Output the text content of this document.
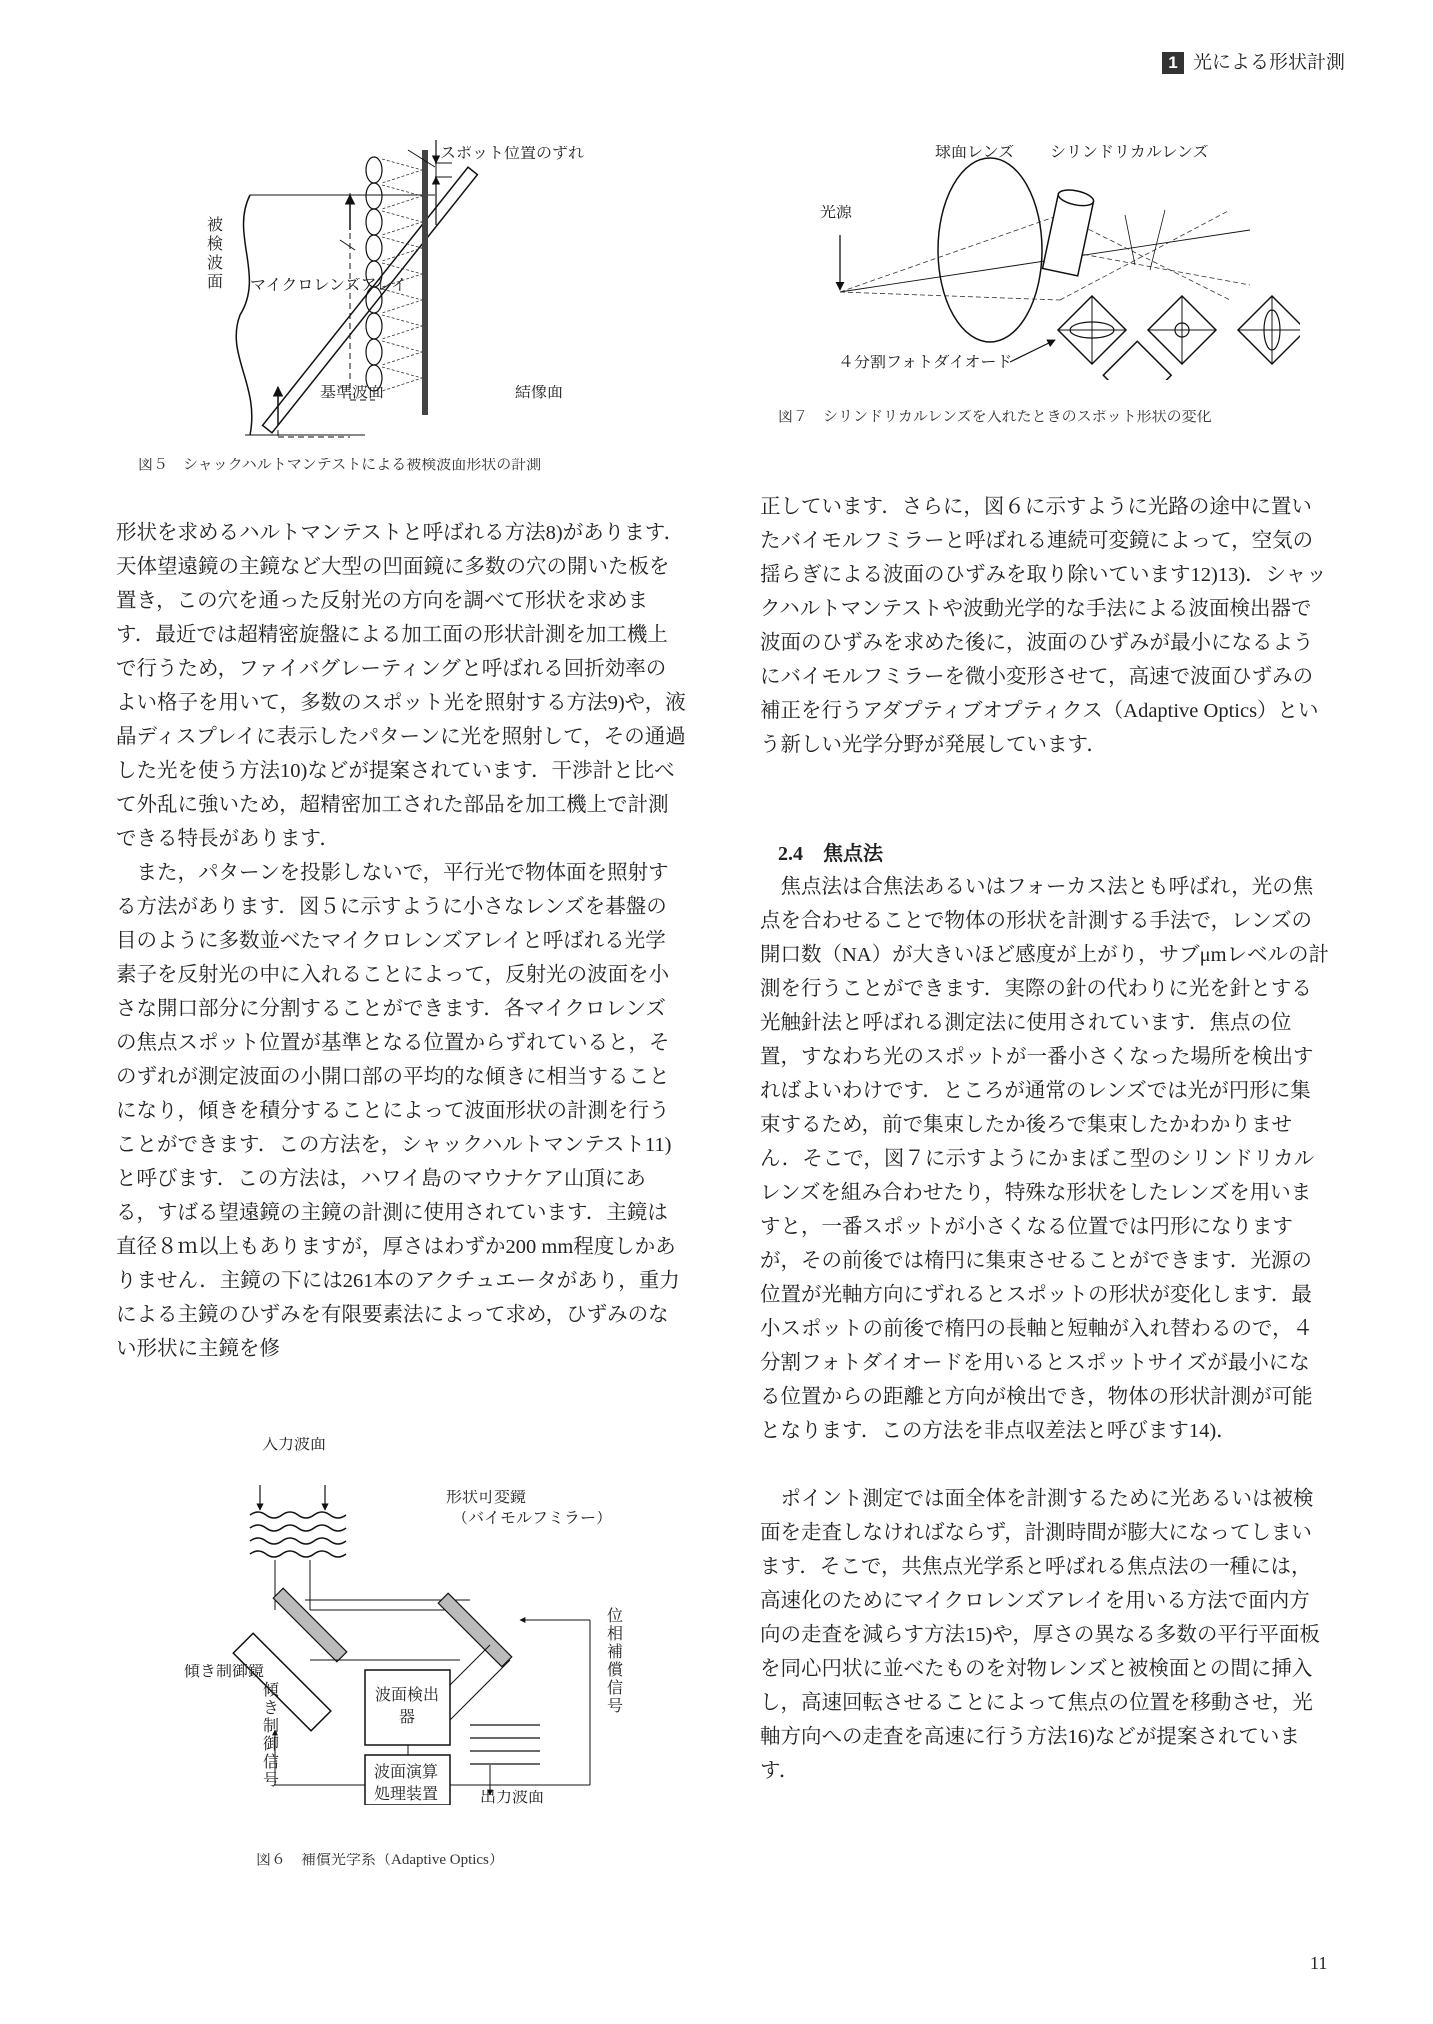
1 光による形状計測
スポット位置のずれ
被検波面 マイクロレンズアレイ
基準波面	結像面
図５　シャックハルトマンテストによる被検波面形状の計測
球面レンズ シリンドリカルレンズ
光源
４分割フォトダイオード
図７　シリンドリカルレンズを入れたときのスポット形状の変化

形状を求めるハルトマンテストと呼ばれる方法8)があります．天体望遠鏡の主鏡など大型の凹面鏡に多数の穴の開いた板を置き，この穴を通った反射光の方向を調べて形状を求めます．最近では超精密旋盤による加工面の形状計測を加工機上で行うため，ファイバグレーティングと呼ばれる回折効率のよい格子を用いて，多数のスポット光を照射する方法9)や，液晶ディスプレイに表示したパターンに光を照射して，その通過した光を使う方法10)などが提案されています．干渉計と比べて外乱に強いため，超精密加工された部品を加工機上で計測できる特長があります．

また，パターンを投影しないで，平行光で物体面を照射する方法があります．図５に示すように小さなレンズを碁盤の目のように多数並べたマイクロレンズアレイと呼ばれる光学素子を反射光の中に入れることによって，反射光の波面を小さな開口部分に分割することができます．各マイクロレンズの焦点スポット位置が基準となる位置からずれていると，そのずれが測定波面の小開口部の平均的な傾きに相当することになり，傾きを積分することによって波面形状の計測を行うことができます．この方法を，シャックハルトマンテスト11)と呼びます．この方法は，ハワイ島のマウナケア山頂にある，すばる望遠鏡の主鏡の計測に使用されています．主鏡は直径８ｍ以上もありますが，厚さはわずか200 mm程度しかありません．主鏡の下には261本のアクチュエータがあり，重力による主鏡のひずみを有限要素法によって求め，ひずみのない形状に主鏡を修

入力波面
形状可変鏡
（バイモルフミラー）
位相補償信号
傾き制御鏡
傾き制御信号
波面検出器
波面演算処理装置	出力波面
図６　補償光学系（Adaptive Optics）

正しています．さらに，図６に示すように光路の途中に置いたバイモルフミラーと呼ばれる連続可変鏡によって，空気の揺らぎによる波面のひずみを取り除いています12)13)．シャックハルトマンテストや波動光学的な手法による波面検出器で波面のひずみを求めた後に，波面のひずみが最小になるようにバイモルフミラーを微小変形させて，高速で波面ひずみの補正を行うアダプティブオプティクス（Adaptive Optics）という新しい光学分野が発展しています．

2.4 焦点法

焦点法は合焦法あるいはフォーカス法とも呼ばれ，光の焦点を合わせることで物体の形状を計測する手法で，レンズの開口数（NA）が大きいほど感度が上がり，サブμmレベルの計測を行うことができます．実際の針の代わりに光を針とする光触針法と呼ばれる測定法に使用されています．焦点の位置，すなわち光のスポットが一番小さくなった場所を検出すればよいわけです．ところが通常のレンズでは光が円形に集束するため，前で集束したか後ろで集束したかわかりません．そこで，図７に示すようにかまぼこ型のシリンドリカルレンズを組み合わせたり，特殊な形状をしたレンズを用いますと，一番スポットが小さくなる位置では円形になりますが，その前後では楕円に集束させることができます．光源の位置が光軸方向にずれるとスポットの形状が変化します．最小スポットの前後で楕円の長軸と短軸が入れ替わるので，４分割フォトダイオードを用いるとスポットサイズが最小になる位置からの距離と方向が検出でき，物体の形状計測が可能となります．この方法を非点収差法と呼びます14)．

ポイント測定では面全体を計測するために光あるいは被検面を走査しなければならず，計測時間が膨大になってしまいます．そこで，共焦点光学系と呼ばれる焦点法の一種には，高速化のためにマイクロレンズアレイを用いる方法で面内方向の走査を減らす方法15)や，厚さの異なる多数の平行平面板を同心円状に並べたものを対物レンズと被検面との間に挿入し，高速回転させることによって焦点の位置を移動させ，光軸方向への走査を高速に行う方法16)などが提案されています．

11
